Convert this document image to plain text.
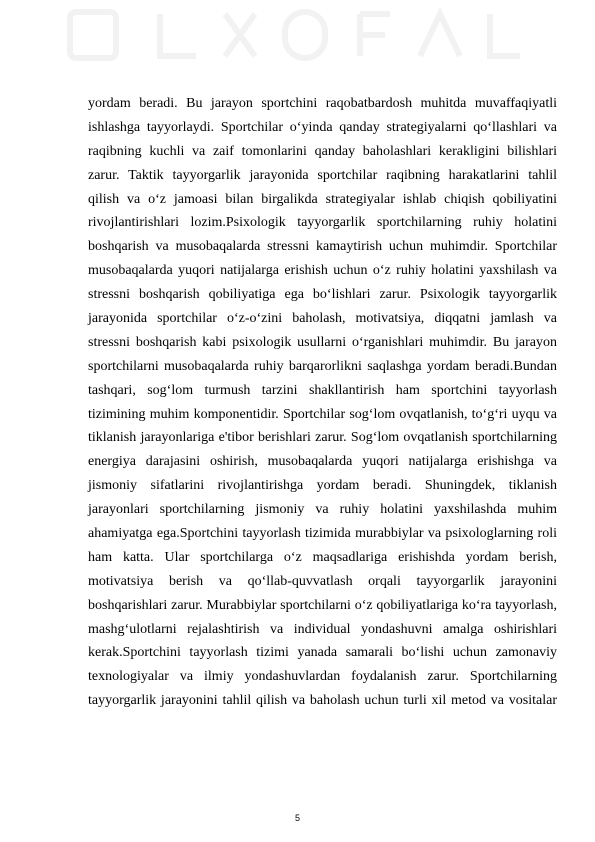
yordam beradi. Bu jarayon sportchini raqobatbardosh muhitda muvaffaqiyatli
ishlashga tayyorlaydi. Sportchilar o‘yinda qanday strategiyalarni qo‘llashlari va
raqibning kuchli va zaif tomonlarini qanday baholashlari kerakligini bilishlari
zarur. Taktik tayyorgarlik jarayonida sportchilar raqibning harakatlarini tahlil
qilish va o‘z jamoasi bilan birgalikda strategiyalar ishlab chiqish qobiliyatini
rivojlantirishlari lozim.Psixologik tayyorgarlik sportchilarning ruhiy holatini
boshqarish va musobaqalarda stressni kamaytirish uchun muhimdir. Sportchilar
musobaqalarda yuqori natijalarga erishish uchun o‘z ruhiy holatini yaxshilash va
stressni boshqarish qobiliyatiga ega bo‘lishlari zarur. Psixologik tayyorgarlik
jarayonida sportchilar o‘z-o‘zini baholash, motivatsiya, diqqatni jamlash va
stressni boshqarish kabi psixologik usullarni o‘rganishlari muhimdir. Bu jarayon
sportchilarni musobaqalarda ruhiy barqarorlikni saqlashga yordam beradi.Bundan
tashqari, sog‘lom turmush tarzini shakllantirish ham sportchini tayyorlash
tizimining muhim komponentidir. Sportchilar sog‘lom ovqatlanish, to‘g‘ri uyqu va
tiklanish jarayonlariga e'tibor berishlari zarur. Sog‘lom ovqatlanish sportchilarning
energiya darajasini oshirish, musobaqalarda yuqori natijalarga erishishga va
jismoniy sifatlarini rivojlantirishga yordam beradi. Shuningdek, tiklanish
jarayonlari sportchilarning jismoniy va ruhiy holatini yaxshilashda muhim
ahamiyatga ega.Sportchini tayyorlash tizimida murabbiylar va psixologlarning roli
ham katta. Ular sportchilarga o‘z maqsadlariga erishishda yordam berish,
motivatsiya berish va qo‘llab-quvvatlash orqali tayyorgarlik jarayonini
boshqarishlari zarur. Murabbiylar sportchilarni o‘z qobiliyatlariga ko‘ra tayyorlash,
mashg‘ulotlarni rejalashtirish va individual yondashuvni amalga oshirishlari
kerak.Sportchini tayyorlash tizimi yanada samarali bo‘lishi uchun zamonaviy
texnologiyalar va ilmiy yondashuvlardan foydalanish zarur. Sportchilarning
tayyorgarlik jarayonini tahlil qilish va baholash uchun turli xil metod va vositalar
5
